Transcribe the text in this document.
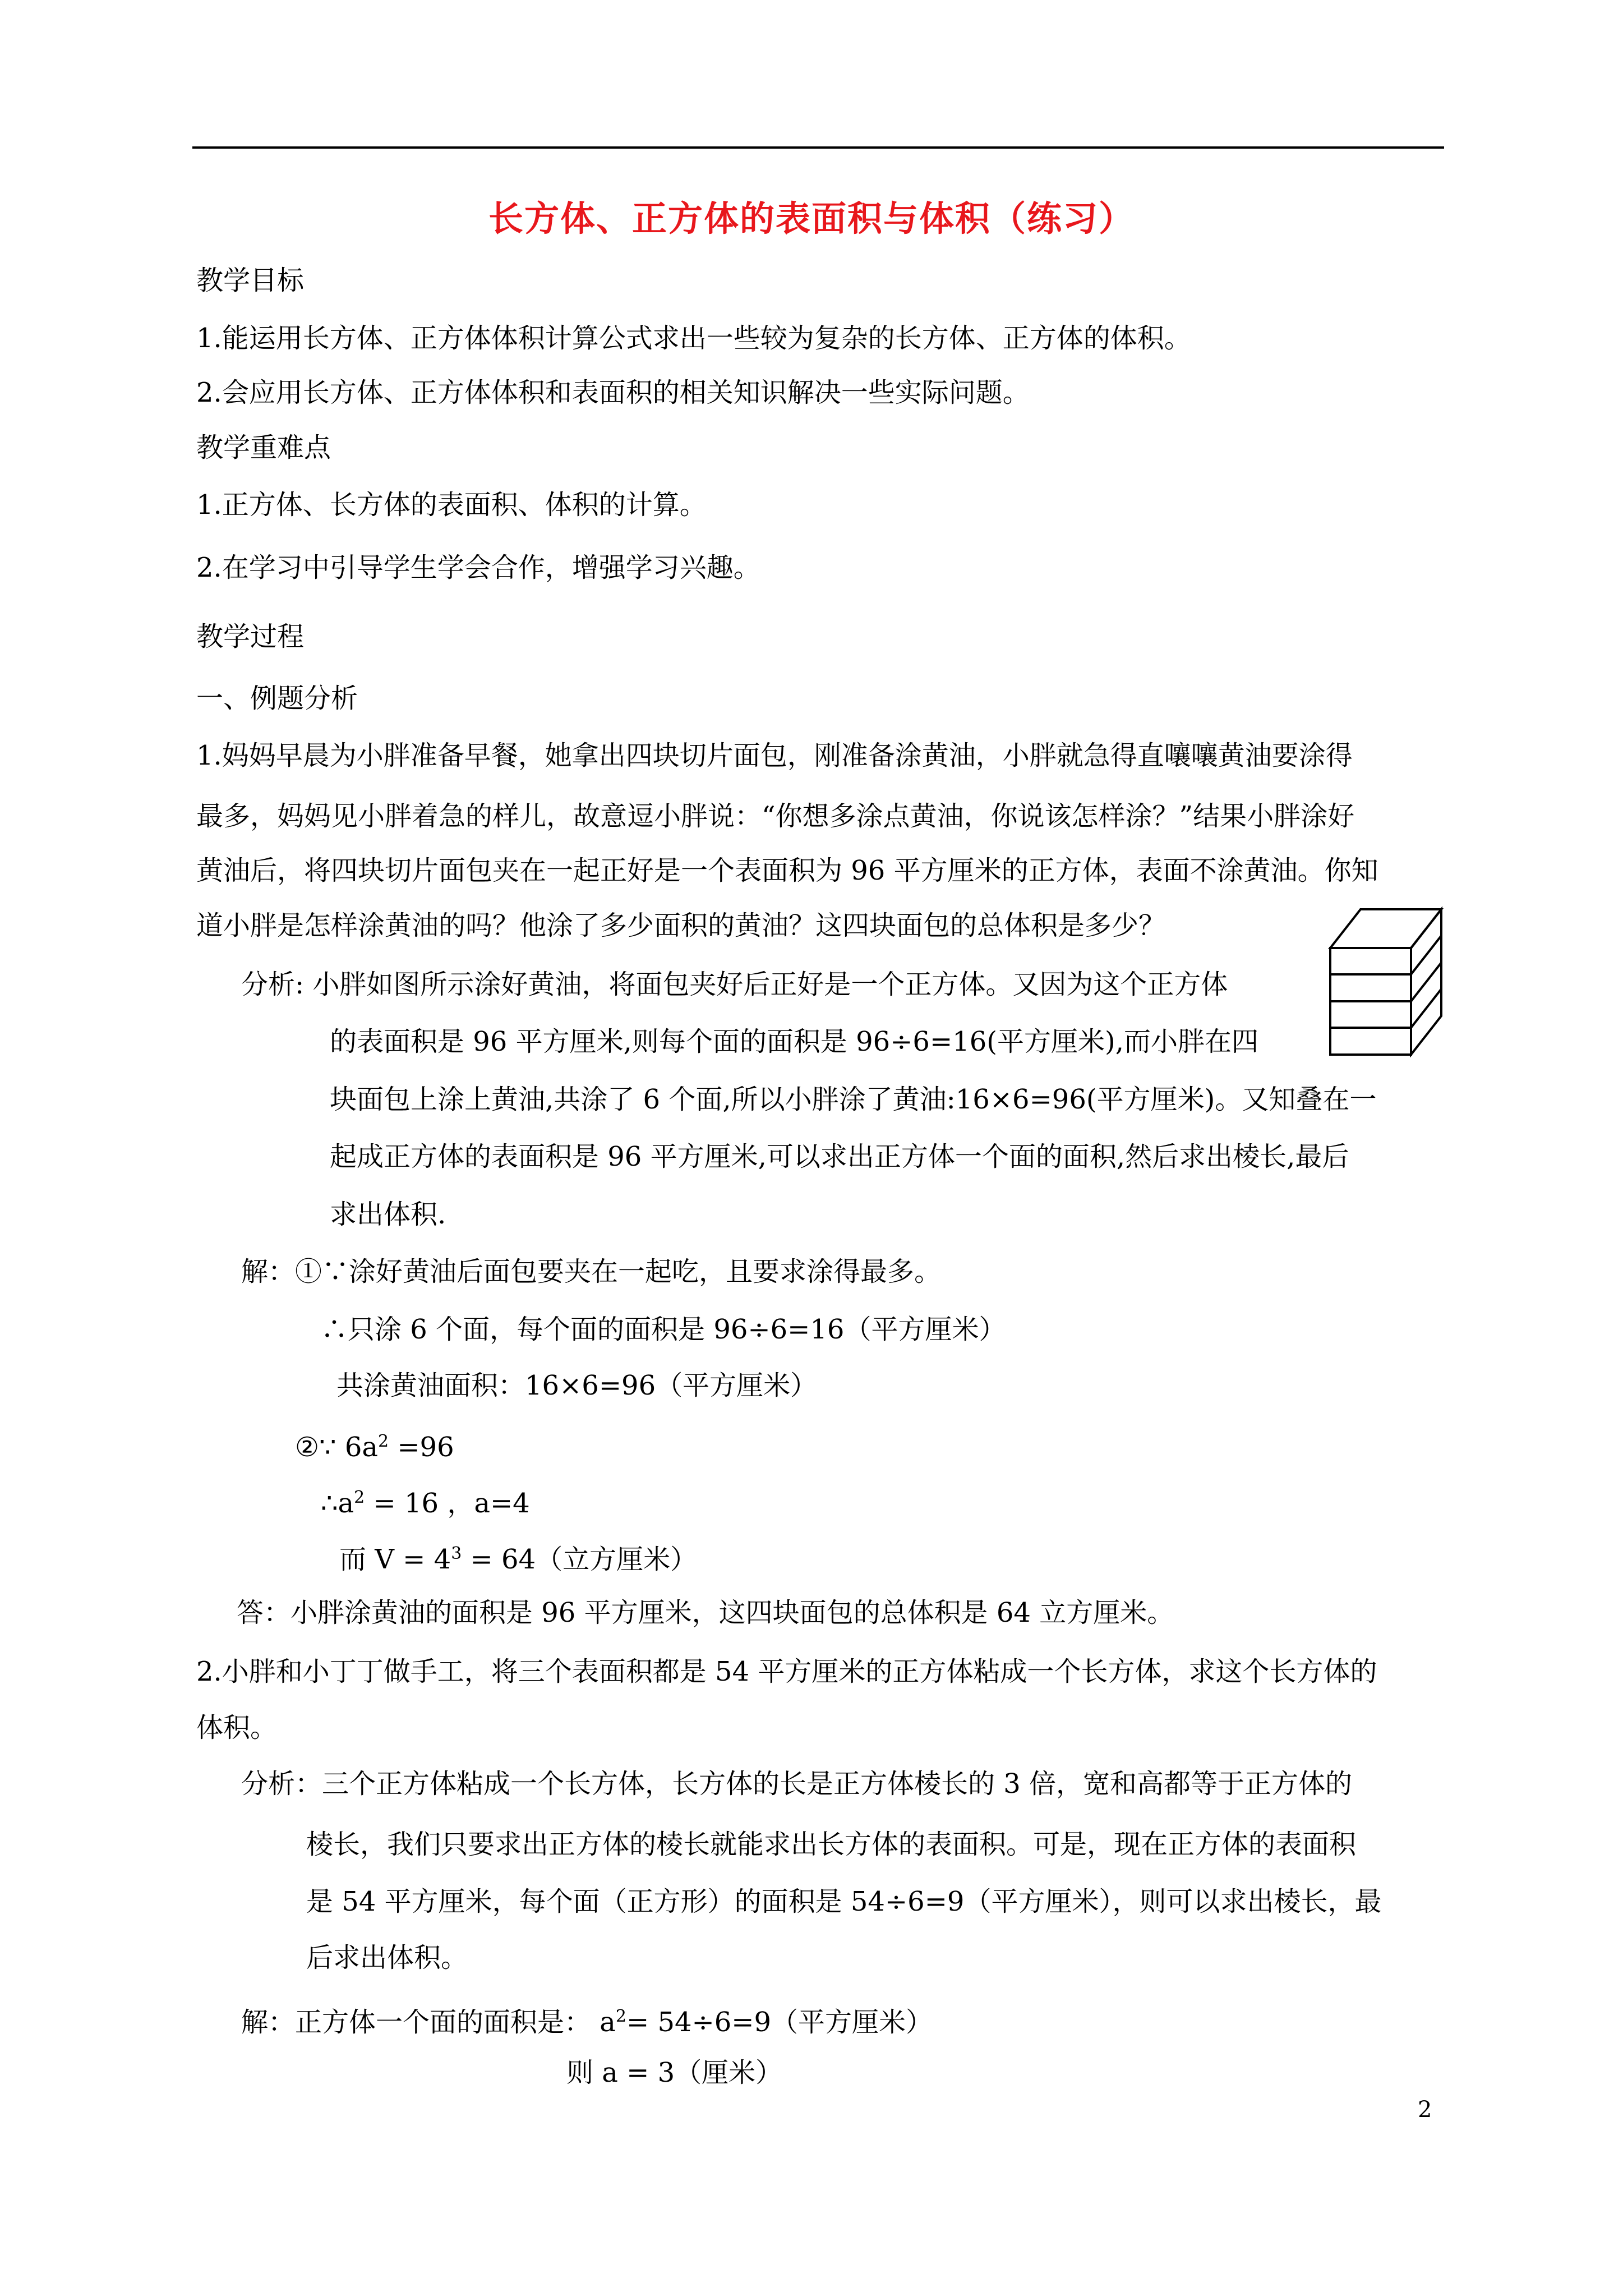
长方体、正方体的表面积与体积（练习）
教学目标
1.能运用长方体、正方体体积计算公式求出一些较为复杂的长方体、正方体的体积。
2.会应用长方体、正方体体积和表面积的相关知识解决一些实际问题。
教学重难点
1.正方体、长方体的表面积、体积的计算。
2.在学习中引导学生学会合作，增强学习兴趣。
教学过程
一、例题分析
1.妈妈早晨为小胖准备早餐，她拿出四块切片面包，刚准备涂黄油，小胖就急得直嚷嚷黄油要涂得
最多，妈妈见小胖着急的样儿，故意逗小胖说：“你想多涂点黄油，你说该怎样涂？”结果小胖涂好
黄油后，将四块切片面包夹在一起正好是一个表面积为 96 平方厘米的正方体，表面不涂黄油。你知
道小胖是怎样涂黄油的吗？他涂了多少面积的黄油？这四块面包的总体积是多少？
分析: 小胖如图所示涂好黄油，将面包夹好后正好是一个正方体。又因为这个正方体
的表面积是 96 平方厘米,则每个面的面积是 96÷6=16(平方厘米),而小胖在四
块面包上涂上黄油,共涂了 6 个面,所以小胖涂了黄油:16×6=96(平方厘米)。又知叠在一
起成正方体的表面积是 96 平方厘米,可以求出正方体一个面的面积,然后求出棱长,最后
求出体积.
解：①∵涂好黄油后面包要夹在一起吃，且要求涂得最多。
∴只涂 6 个面，每个面的面积是 96÷6=16（平方厘米）
共涂黄油面积：16×6=96（平方厘米）
②∵ $6a^2 =96$
$\therefore a^2 = 16$ ，a=4
而 $V = 4^3 = 64$（立方厘米）
答：小胖涂黄油的面积是 96 平方厘米，这四块面包的总体积是 64 立方厘米。
2.小胖和小丁丁做手工，将三个表面积都是 54 平方厘米的正方体粘成一个长方体，求这个长方体的
体积。
分析：三个正方体粘成一个长方体，长方体的长是正方体棱长的 3 倍，宽和高都等于正方体的
棱长，我们只要求出正方体的棱长就能求出长方体的表面积。可是，现在正方体的表面积
是 54 平方厘米，每个面（正方形）的面积是 54÷6=9（平方厘米），则可以求出棱长，最
后求出体积。
解：正方体一个面的面积是： $a^2= 54\div 6=9$（平方厘米）
则 a = 3（厘米）
2
